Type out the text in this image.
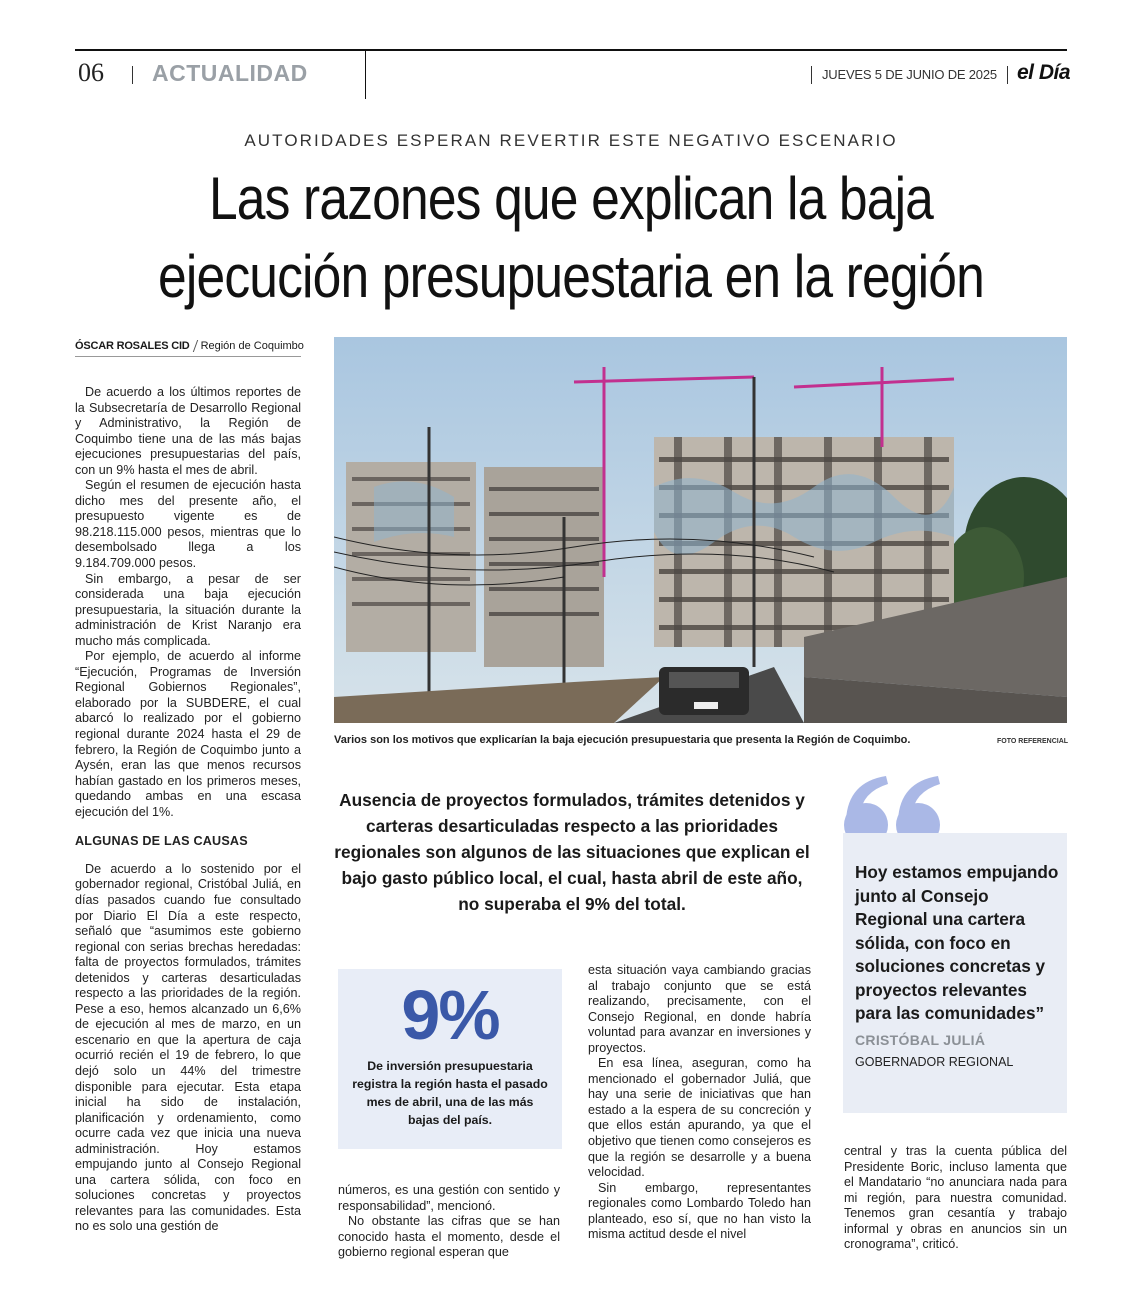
06 ACTUALIDAD	JUEVES 5 DE JUNIO DE 2025 el Día
AUTORIDADES ESPERAN REVERTIR ESTE NEGATIVO ESCENARIO
Las razones que explican la baja
ejecución presupuestaria en la región
ÓSCAR ROSALES CID Región de Coquimbo

De acuerdo a los últimos reportes de la Subsecretaría de Desarrollo Regional y Administrativo, la Región de Coquimbo tiene una de las más bajas ejecuciones presupuestarias del país, con un 9% hasta el mes de abril.

Según el resumen de ejecución hasta dicho mes del presente año, el presupuesto vigente es de 98.218.115.000 pesos, mientras que lo desembolsado llega a los 9.184.709.000 pesos.

Sin embargo, a pesar de ser considerada una baja ejecución presupuestaria, la situación durante la administración de Krist Naranjo era mucho más complicada.

Por ejemplo, de acuerdo al informe “Ejecución, Programas de Inversión Regional Gobiernos Regionales”, elaborado por la SUBDERE, el cual abarcó lo realizado por el gobierno regional durante 2024 hasta el 29 de febrero, la Región de Coquimbo junto a Aysén, eran las que menos recursos habían gastado en los primeros meses, quedando ambas en una escasa ejecución del 1%.

ALGUNAS DE LAS CAUSAS

De acuerdo a lo sostenido por el gobernador regional, Cristóbal Juliá, en días pasados cuando fue consultado por Diario El Día a este respecto, señaló que “asumimos este gobierno regional con serias brechas heredadas: falta de proyectos formulados, trámites detenidos y carteras desarticuladas respecto a las prioridades de la región. Pese a eso, hemos alcanzado un 6,6% de ejecución al mes de marzo, en un escenario en que la apertura de caja ocurrió recién el 19 de febrero, lo que dejó solo un 44% del trimestre disponible para ejecutar. Esta etapa inicial ha sido de instalación, planificación y ordenamiento, como ocurre cada vez que inicia una nueva administración. Hoy estamos empujando junto al Consejo Regional una cartera sólida, con foco en soluciones concretas y proyectos relevantes para las comunidades. Esta no es solo una gestión de

Varios son los motivos que explicarían la baja ejecución presupuestaria que presenta la Región de Coquimbo.	FOTO REFERENCIAL
Ausencia de proyectos formulados, trámites detenidos y carteras desarticuladas respecto a las prioridades regionales son algunos de las situaciones que explican el bajo gasto público local, el cual, hasta abril de este año, no superaba el 9% del total.
9%
De inversión presupuestaria registra la región hasta el pasado mes de abril, una de las más bajas del país.

números, es una gestión con sentido y responsabilidad”, mencionó.

No obstante las cifras que se han conocido hasta el momento, desde el gobierno regional esperan que

esta situación vaya cambiando gracias al trabajo conjunto que se está realizando, precisamente, con el Consejo Regional, en donde habría voluntad para avanzar en inversiones y proyectos.

En esa línea, aseguran, como ha mencionado el gobernador Juliá, que hay una serie de iniciativas que han estado a la espera de su concreción y que ellos están apurando, ya que el objetivo que tienen como consejeros es que la región se desarrolle y a buena velocidad.

Sin embargo, representantes regionales como Lombardo Toledo han planteado, eso sí, que no han visto la misma actitud desde el nivel

Hoy estamos empujando junto al Consejo Regional una cartera sólida, con foco en soluciones concretas y proyectos relevantes para las comunidades”
CRISTÓBAL JULIÁ
GOBERNADOR REGIONAL

central y tras la cuenta pública del Presidente Boric, incluso lamenta que el Mandatario “no anunciara nada para mi región, para nuestra comunidad. Tenemos gran cesantía y trabajo informal y obras en anuncios sin un cronograma”, criticó.
